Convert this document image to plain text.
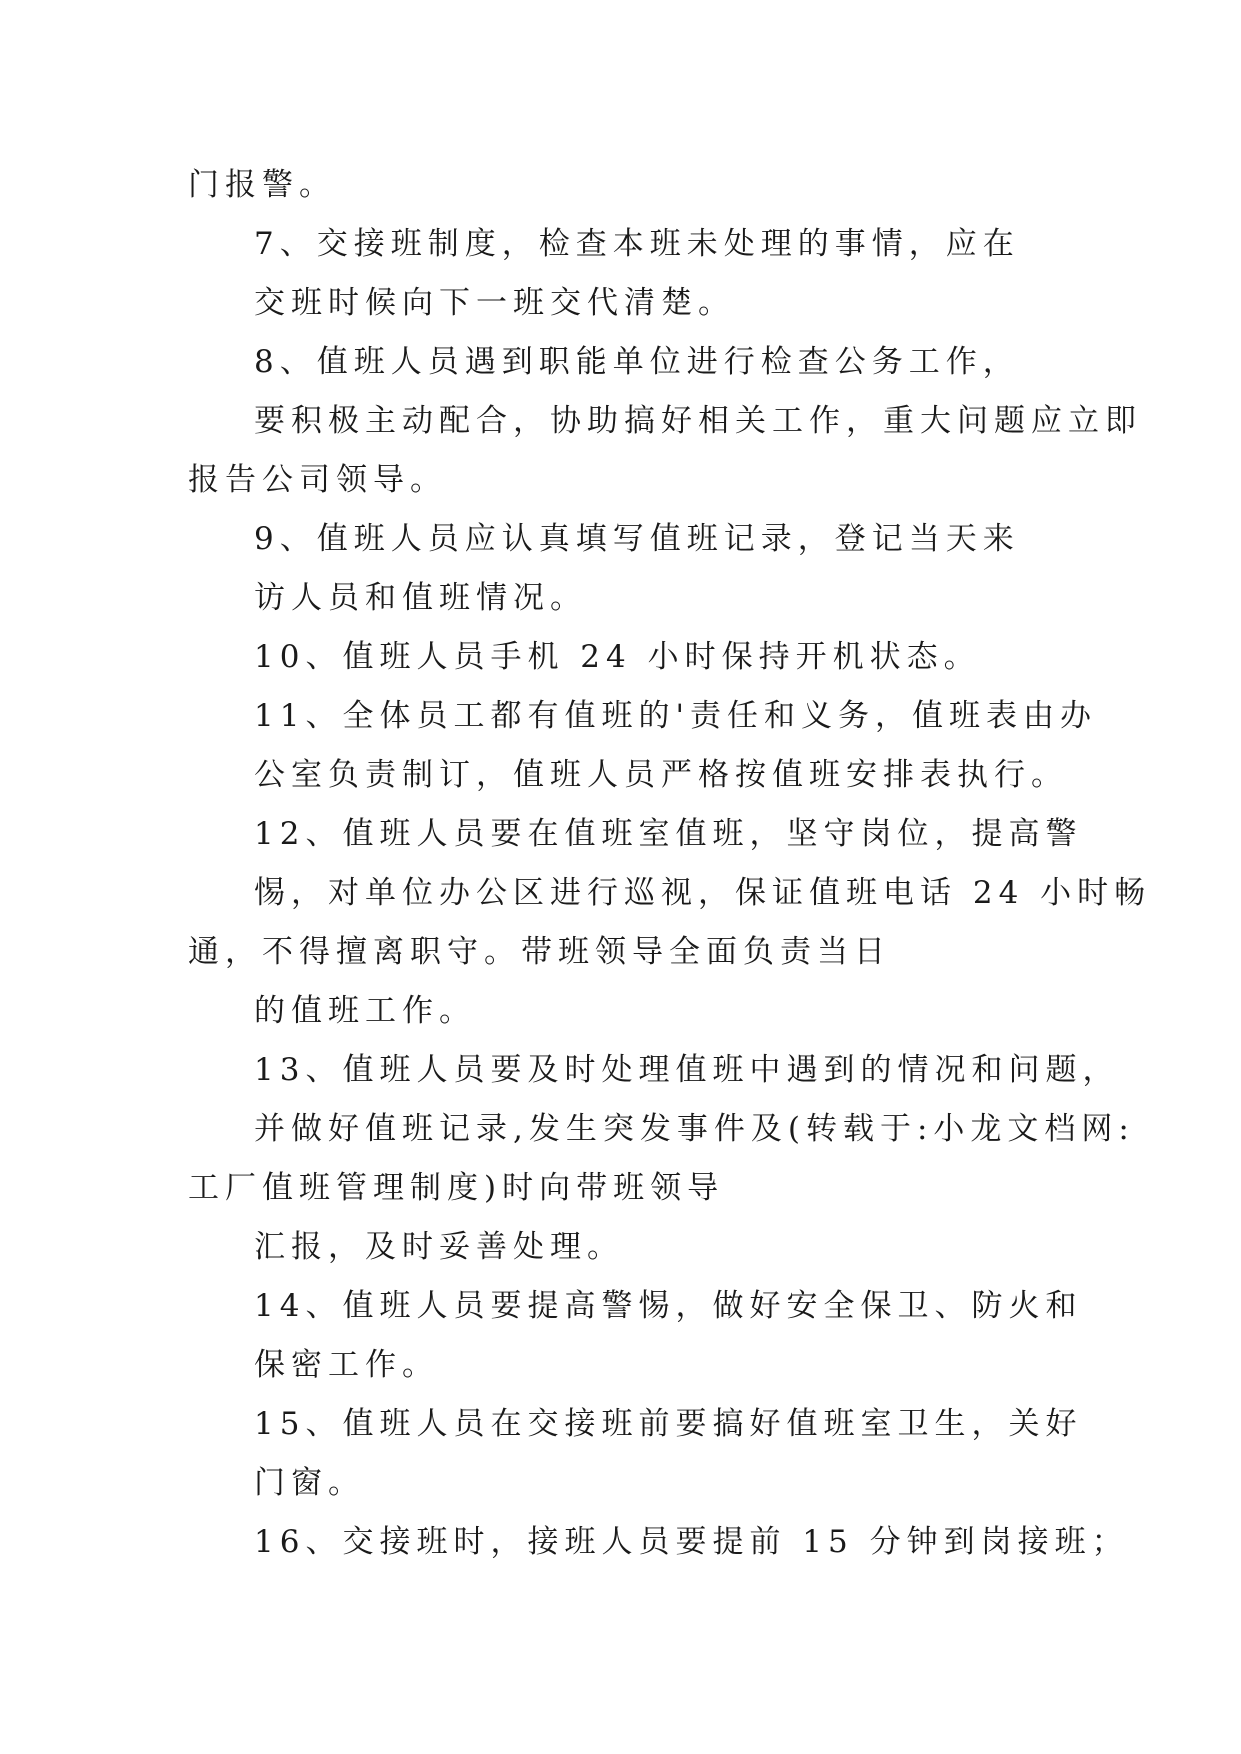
门报警。
7、交接班制度，检查本班未处理的事情，应在
交班时候向下一班交代清楚。
8、值班人员遇到职能单位进行检查公务工作，
要积极主动配合，协助搞好相关工作，重大问题应立即
报告公司领导。
9、值班人员应认真填写值班记录，登记当天来
访人员和值班情况。
10、值班人员手机 24 小时保持开机状态。
11、全体员工都有值班的'责任和义务，值班表由办
公室负责制订，值班人员严格按值班安排表执行。
12、值班人员要在值班室值班，坚守岗位，提高警
惕，对单位办公区进行巡视，保证值班电话 24 小时畅
通，不得擅离职守。带班领导全面负责当日
的值班工作。
13、值班人员要及时处理值班中遇到的情况和问题，
并做好值班记录,发生突发事件及(转载于:小龙文档网:
工厂值班管理制度)时向带班领导
汇报，及时妥善处理。
14、值班人员要提高警惕，做好安全保卫、防火和
保密工作。
15、值班人员在交接班前要搞好值班室卫生，关好
门窗。
16、交接班时，接班人员要提前 15 分钟到岗接班；
